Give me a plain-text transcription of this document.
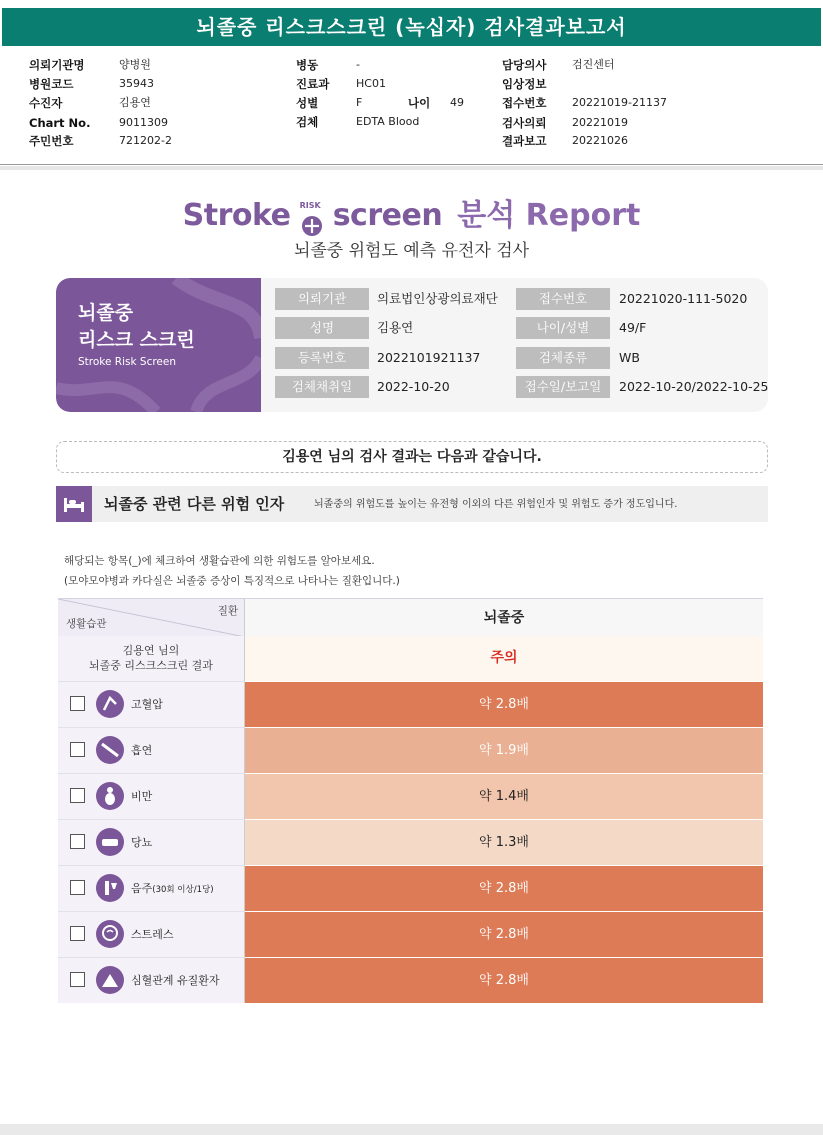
뇌졸중 리스크스크린 (녹십자) 검사결과보고서
의뢰기관명	양병원
병원코드	35943
수진자	김용연
Chart No.	9011309
주민번호	721202-2
병동	-
진료과 HC01
성별	F	나이 49
검체	EDTA Blood
담당의사 검진센터
임상정보
접수번호 20221019-21137
검사의뢰 20221019
결과보고 20221026
Stroke RISK screen 분석 Report
뇌졸중 위험도 예측 유전자 검사
뇌졸중
리스크 스크린
Stroke Risk Screen
의뢰기관	의료법인상광의료재단	접수번호	20221020-111-5020
성명	김용연	나이/성별	49/F
등록번호	2022101921137	검체종류	WB
검체채취일	2022-10-20	접수일/보고일	2022-10-20/2022-10-25
김용연 님의 검사 결과는 다음과 같습니다.
뇌졸중 관련 다른 위험 인자	뇌졸중의 위험도를 높이는 유전형 이외의 다른 위험인자 및 위험도 증가 정도입니다.
해당되는 항목(_)에 체크하여 생활습관에 의한 위험도를 알아보세요.
(모야모야병과 카다실은 뇌졸중 증상이 특징적으로 나타나는 질환입니다.)
질환
생활습관	뇌졸중
김용연 님의
뇌졸중 리스크스크린 결과	주의
고혈압	약 2.8배
흡연	약 1.9배
비만	약 1.4배
당뇨	약 1.3배
음주(30회 이상/1당)	약 2.8배
스트레스	약 2.8배
심혈관계 유질환자	약 2.8배
